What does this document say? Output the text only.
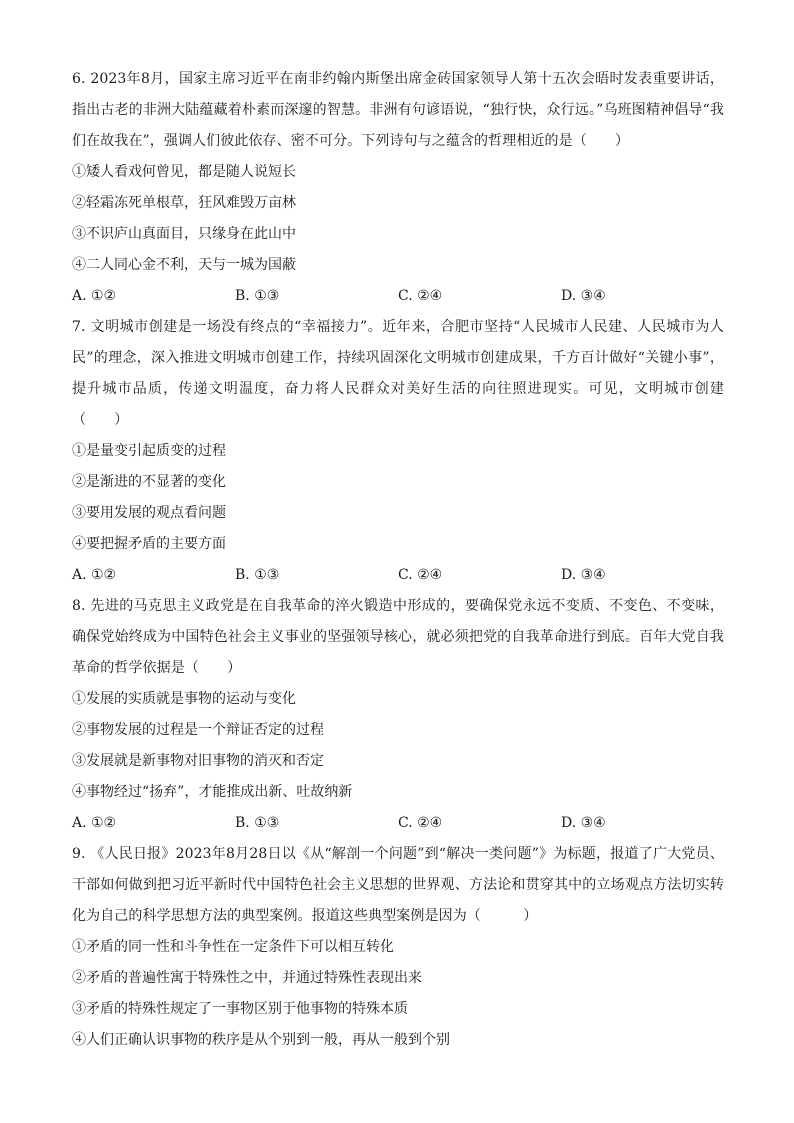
6. 2023年8月，国家主席习近平在南非约翰内斯堡出席金砖国家领导人第十五次会晤时发表重要讲话，指出古老的非洲大陆蕴藏着朴素而深邃的智慧。非洲有句谚语说，“独行快，众行远。”乌班图精神倡导“我们在故我在”，强调人们彼此依存、密不可分。下列诗句与之蕴含的哲理相近的是（　　）

①矮人看戏何曾见，都是随人说短长

②轻霜冻死单根草，狂风难毁万亩林

③不识庐山真面目，只缘身在此山中

④二人同心金不利，天与一城为国蔽

A. ①②	B. ①③	C. ②④	D. ③④

7. 文明城市创建是一场没有终点的“幸福接力”。近年来，合肥市坚持“人民城市人民建、人民城市为人民”的理念，深入推进文明城市创建工作，持续巩固深化文明城市创建成果，千方百计做好“关键小事”，提升城市品质，传递文明温度，奋力将人民群众对美好生活的向往照进现实。可见，文明城市创建（　　）

①是量变引起质变的过程

②是渐进的不显著的变化

③要用发展的观点看问题

④要把握矛盾的主要方面

A. ①②	B. ①③	C. ②④	D. ③④

8. 先进的马克思主义政党是在自我革命的淬火锻造中形成的，要确保党永远不变质、不变色、不变味，确保党始终成为中国特色社会主义事业的坚强领导核心，就必须把党的自我革命进行到底。百年大党自我革命的哲学依据是（　　）

①发展的实质就是事物的运动与变化

②事物发展的过程是一个辩证否定的过程

③发展就是新事物对旧事物的消灭和否定

④事物经过“扬弃”，才能推成出新、吐故纳新

A. ①②	B. ①③	C. ②④	D. ③④

9. 《人民日报》2023年8月28日以《从“解剖一个问题”到“解决一类问题”》为标题，报道了广大党员、干部如何做到把习近平新时代中国特色社会主义思想的世界观、方法论和贯穿其中的立场观点方法切实转化为自己的科学思想方法的典型案例。报道这些典型案例是因为（　　　）

①矛盾的同一性和斗争性在一定条件下可以相互转化

②矛盾的普遍性寓于特殊性之中，并通过特殊性表现出来

③矛盾的特殊性规定了一事物区别于他事物的特殊本质

④人们正确认识事物的秩序是从个别到一般，再从一般到个别
